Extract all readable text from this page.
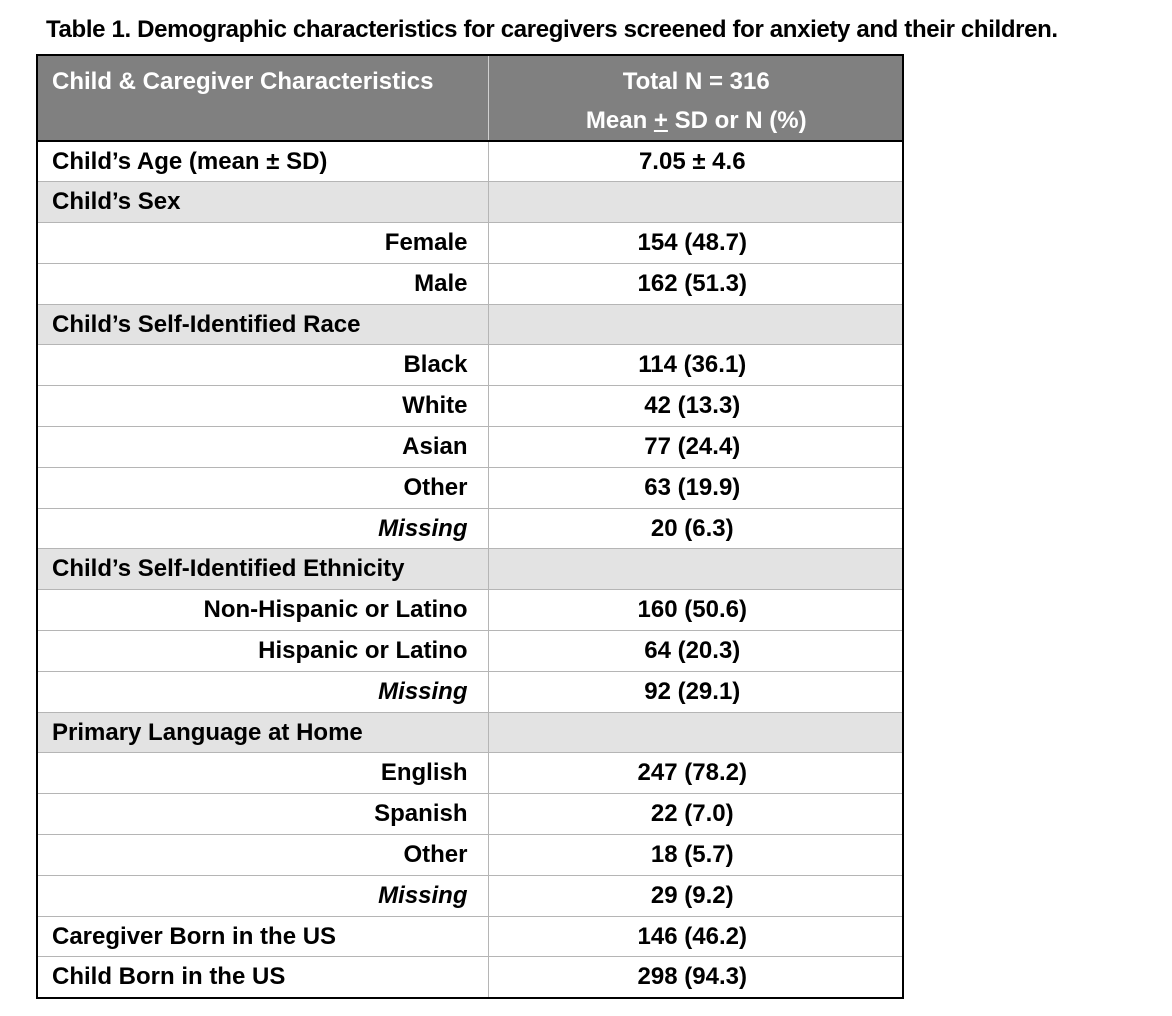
Table 1. Demographic characteristics for caregivers screened for anxiety and their children.
Child & Caregiver Characteristics	Total N = 316
Mean + SD or N (%)
Child’s Age (mean ± SD)	7.05 ± 4.6
Child’s Sex	
Female	154 (48.7)
Male	162 (51.3)
Child’s Self-Identified Race	
Black	114 (36.1)
White	42 (13.3)
Asian	77 (24.4)
Other	63 (19.9)
Missing	20 (6.3)
Child’s Self-Identified Ethnicity	
Non-Hispanic or Latino	160 (50.6)
Hispanic or Latino	64 (20.3)
Missing	92 (29.1)
Primary Language at Home	
English	247 (78.2)
Spanish	22 (7.0)
Other	18 (5.7)
Missing	29 (9.2)
Caregiver Born in the US	146 (46.2)
Child Born in the US	298 (94.3)
